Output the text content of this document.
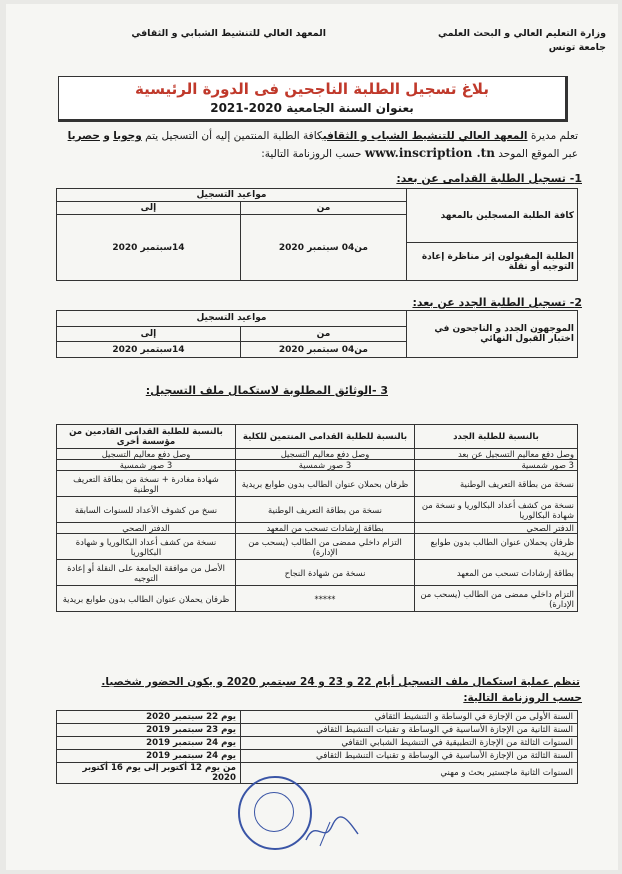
وزارة التعليم العالي و البحث العلمي
جامعة تونس
المعهد العالي للتنشيط الشبابي و الثقافي
بلاغ تسجيل الطلبة الناجحين فى الدورة الرئيسية
بعنوان السنة الجامعية 2020-2021
تعلم مديرة المعهد العالي للتنشيط الشباب و الثقافيكافة الطلبة المنتمين إليه أن التسجيل يتم وجوبا و حصريا
عبر الموقع الموحد www.inscription .tn حسب الروزنامة التالية:
1- تسجيل الطلبة القدامى عن بعد:
مواعيد التسجيل		كافة الطلبة المسجلين بالمعهد
إلى	من	
14سبتمبر 2020	من04 سبتمبر 2020	
		الطلبة المقبولون إثر مناظرة إعادة التوجيه أو نقلة
2- تسجيل الطلبة الجدد عن بعد:
مواعيد التسجيل		الموجهون الجدد و الناجحون في اختبار القبول النهائي
إلى	من	
14سبتمبر 2020	من04 سبتمبر 2020	
3 -الوثائق المطلوبة لاستكمال ملف التسجيل:
بالنسبة للطلبة القدامى القادمين من مؤسسة أخرى	بالنسبة للطلبة القدامى المنتمين للكلية	بالنسبة للطلبة الجدد
وصل دفع معاليم التسجيل	وصل دفع معاليم التسجيل	وصل دفع معاليم التسجيل عن بعد
3 صور شمسية	3 صور شمسية	3 صور شمسية
شهادة مغادرة + نسخة من بطاقة التعريف الوطنية	ظرفان بحملان عنوان الطالب بدون طوابع بريدية	نسخة من بطاقة التعريف الوطنية
نسخ من كشوف الأعداد للسنوات السابقة	نسخة من بطاقة التعريف الوطنية	نسخة من كشف أعداد البكالوريا و نسخة من شهادة البكالوريا
الدفتر الصحي	بطاقة إرشادات تسحب من المعهد	الدفتر الصحي
نسخة من كشف أعداد البكالوريا و شهادة البكالوريا	التزام داخلي ممضى من الطالب (يسحب من الإدارة)	ظرفان يحملان عنوان الطالب بدون طوابع بريدية
الأصل من موافقة الجامعة على النقلة أو إعادة التوجيه	نسخة من شهادة النجاح	بطاقة إرشادات تسحب من المعهد
ظرفان يحملان عنوان الطالب بدون طوابع بريدية	*****	التزام داخلي ممضى من الطالب (يسحب من الإدارة)
تنظم عملية استكمال ملف التسجيل أيام 22 و 23 و 24 سبتمبر 2020 و يكون الحضور شخصيا.
حسب الروزنامة التالية:
يوم 22 سبتمبر 2020	السنة الأولى من الإجازة في الوساطة و التنشيط الثقافي
يوم 23 سبتمبر 2019	السنة الثانية من الإجازة الأساسية في الوساطة و تقنيات التنشيط الثقافي
يوم 24 سبتمبر 2019	السنوات الثالثة من الإجازة التطبيقية في التنشيط الشبابي الثقافي
يوم 24 سبتمبر 2019	السنة الثالثة من الإجازة الأساسية في الوساطة و تقنيات التنشيط الثقافي
من يوم 12 أكتوبر إلى يوم 16 أكتوبر 2020	السنوات الثانية ماجستير بحث و مهني
